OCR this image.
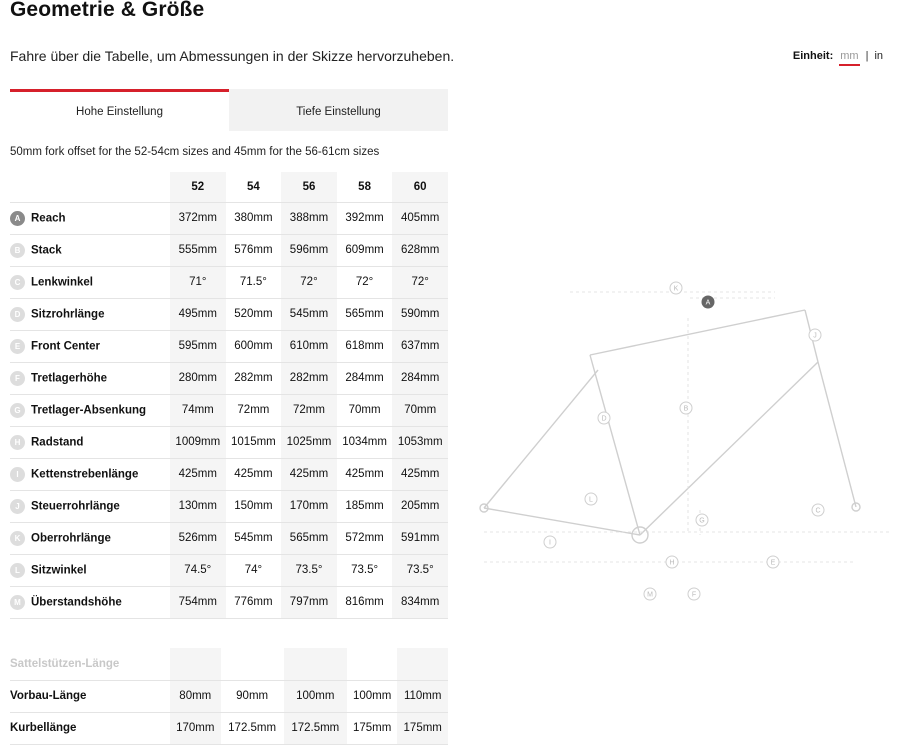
Geometrie & Größe
Fahre über die Tabelle, um Abmessungen in der Skizze hervorzuheben.	Einheit: mm | in
Hohe Einstellung	Tiefe Einstellung
50mm fork offset for the 52-54cm sizes and 45mm for the 56-61cm sizes
	52	54	56	58	60
A Reach	372mm	380mm	388mm	392mm	405mm
B Stack	555mm	576mm	596mm	609mm	628mm
C Lenkwinkel	71°	71.5°	72°	72°	72°
D Sitzrohrlänge	495mm	520mm	545mm	565mm	590mm
E Front Center	595mm	600mm	610mm	618mm	637mm
F Tretlagerhöhe	280mm	282mm	282mm	284mm	284mm
G Tretlager-Absenkung	74mm	72mm	72mm	70mm	70mm
H Radstand	1009mm	1015mm	1025mm	1034mm	1053mm
I Kettenstrebenlänge	425mm	425mm	425mm	425mm	425mm
J Steuerrohrlänge	130mm	150mm	170mm	185mm	205mm
K Oberrohrlänge	526mm	545mm	565mm	572mm	591mm
L Sitzwinkel	74.5°	74°	73.5°	73.5°	73.5°
M Überstandshöhe	754mm	776mm	797mm	816mm	834mm
Sattelstützen-Länge					
Vorbau-Länge	80mm	90mm	100mm	100mm	110mm
Kurbellänge	170mm	172.5mm	172.5mm	175mm	175mm
A
B
C
D
E
F
G
H
I
J
K
L
M
